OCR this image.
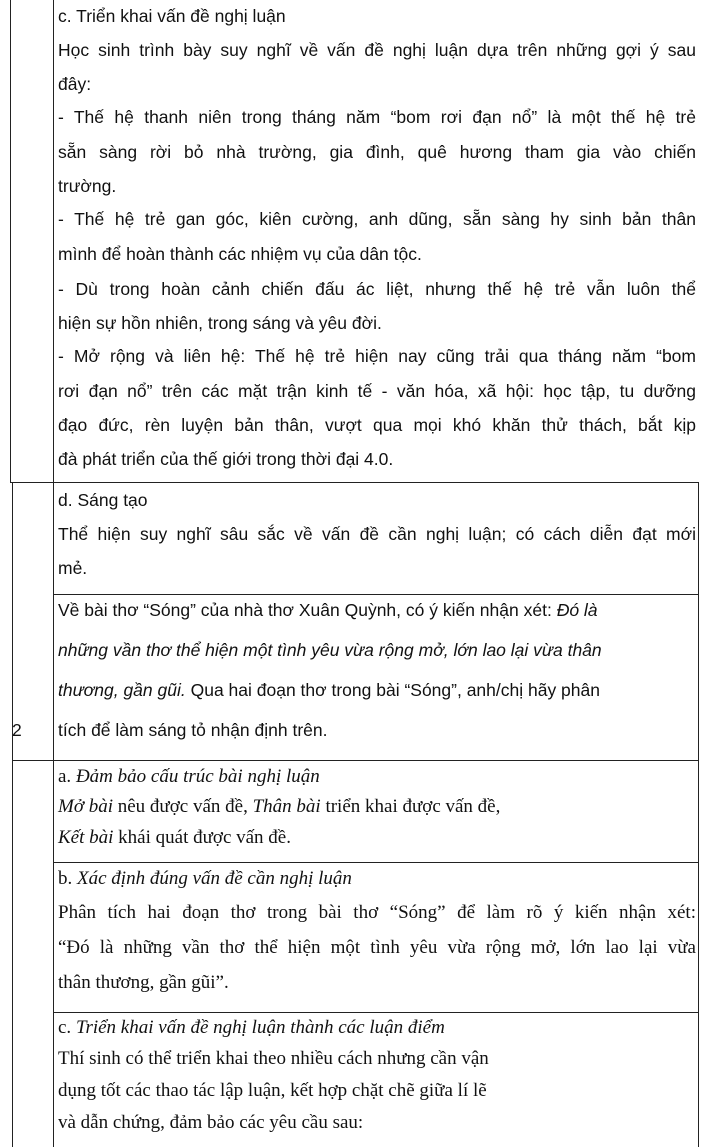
c. Triển khai vấn đề nghị luận
Học sinh trình bày suy nghĩ về vấn đề nghị luận dựa trên những gợi ý sau
đây:
- Thế hệ thanh niên trong tháng năm “bom rơi đạn nổ” là một thế hệ trẻ
sẵn sàng rời bỏ nhà trường, gia đình, quê hương tham gia vào chiến
trường.
- Thế hệ trẻ gan góc, kiên cường, anh dũng, sẵn sàng hy sinh bản thân
mình để hoàn thành các nhiệm vụ của dân tộc.
- Dù trong hoàn cảnh chiến đấu ác liệt, nhưng thế hệ trẻ vẫn luôn thể
hiện sự hồn nhiên, trong sáng và yêu đời.
- Mở rộng và liên hệ: Thế hệ trẻ hiện nay cũng trải qua tháng năm “bom
rơi đạn nổ” trên các mặt trận kinh tế - văn hóa, xã hội: học tập, tu dưỡng
đạo đức, rèn luyện bản thân, vượt qua mọi khó khăn thử thách, bắt kịp
đà phát triển của thế giới trong thời đại 4.0.
d. Sáng tạo
Thể hiện suy nghĩ sâu sắc về vấn đề cần nghị luận; có cách diễn đạt mới
mẻ.
2
Về bài thơ “Sóng” của nhà thơ Xuân Quỳnh, có ý kiến nhận xét: Đó là
những vần thơ thể hiện một tình yêu vừa rộng mở, lớn lao lại vừa thân
thương, gần gũi. Qua hai đoạn thơ trong bài “Sóng”, anh/chị hãy phân
tích để làm sáng tỏ nhận định trên.
a. Đảm bảo cấu trúc bài nghị luận
Mở bài nêu được vấn đề, Thân bài triển khai được vấn đề,
Kết bài khái quát được vấn đề.
b. Xác định đúng vấn đề cần nghị luận
Phân tích hai đoạn thơ trong bài thơ “Sóng” để làm rõ ý kiến nhận xét:
“Đó là những vần thơ thể hiện một tình yêu vừa rộng mở, lớn lao lại vừa
thân thương, gần gũi”.
c. Triển khai vấn đề nghị luận thành các luận điểm
Thí sinh có thể triển khai theo nhiều cách nhưng cần vận
dụng tốt các thao tác lập luận, kết hợp chặt chẽ giữa lí lẽ
và dẫn chứng, đảm bảo các yêu cầu sau:
